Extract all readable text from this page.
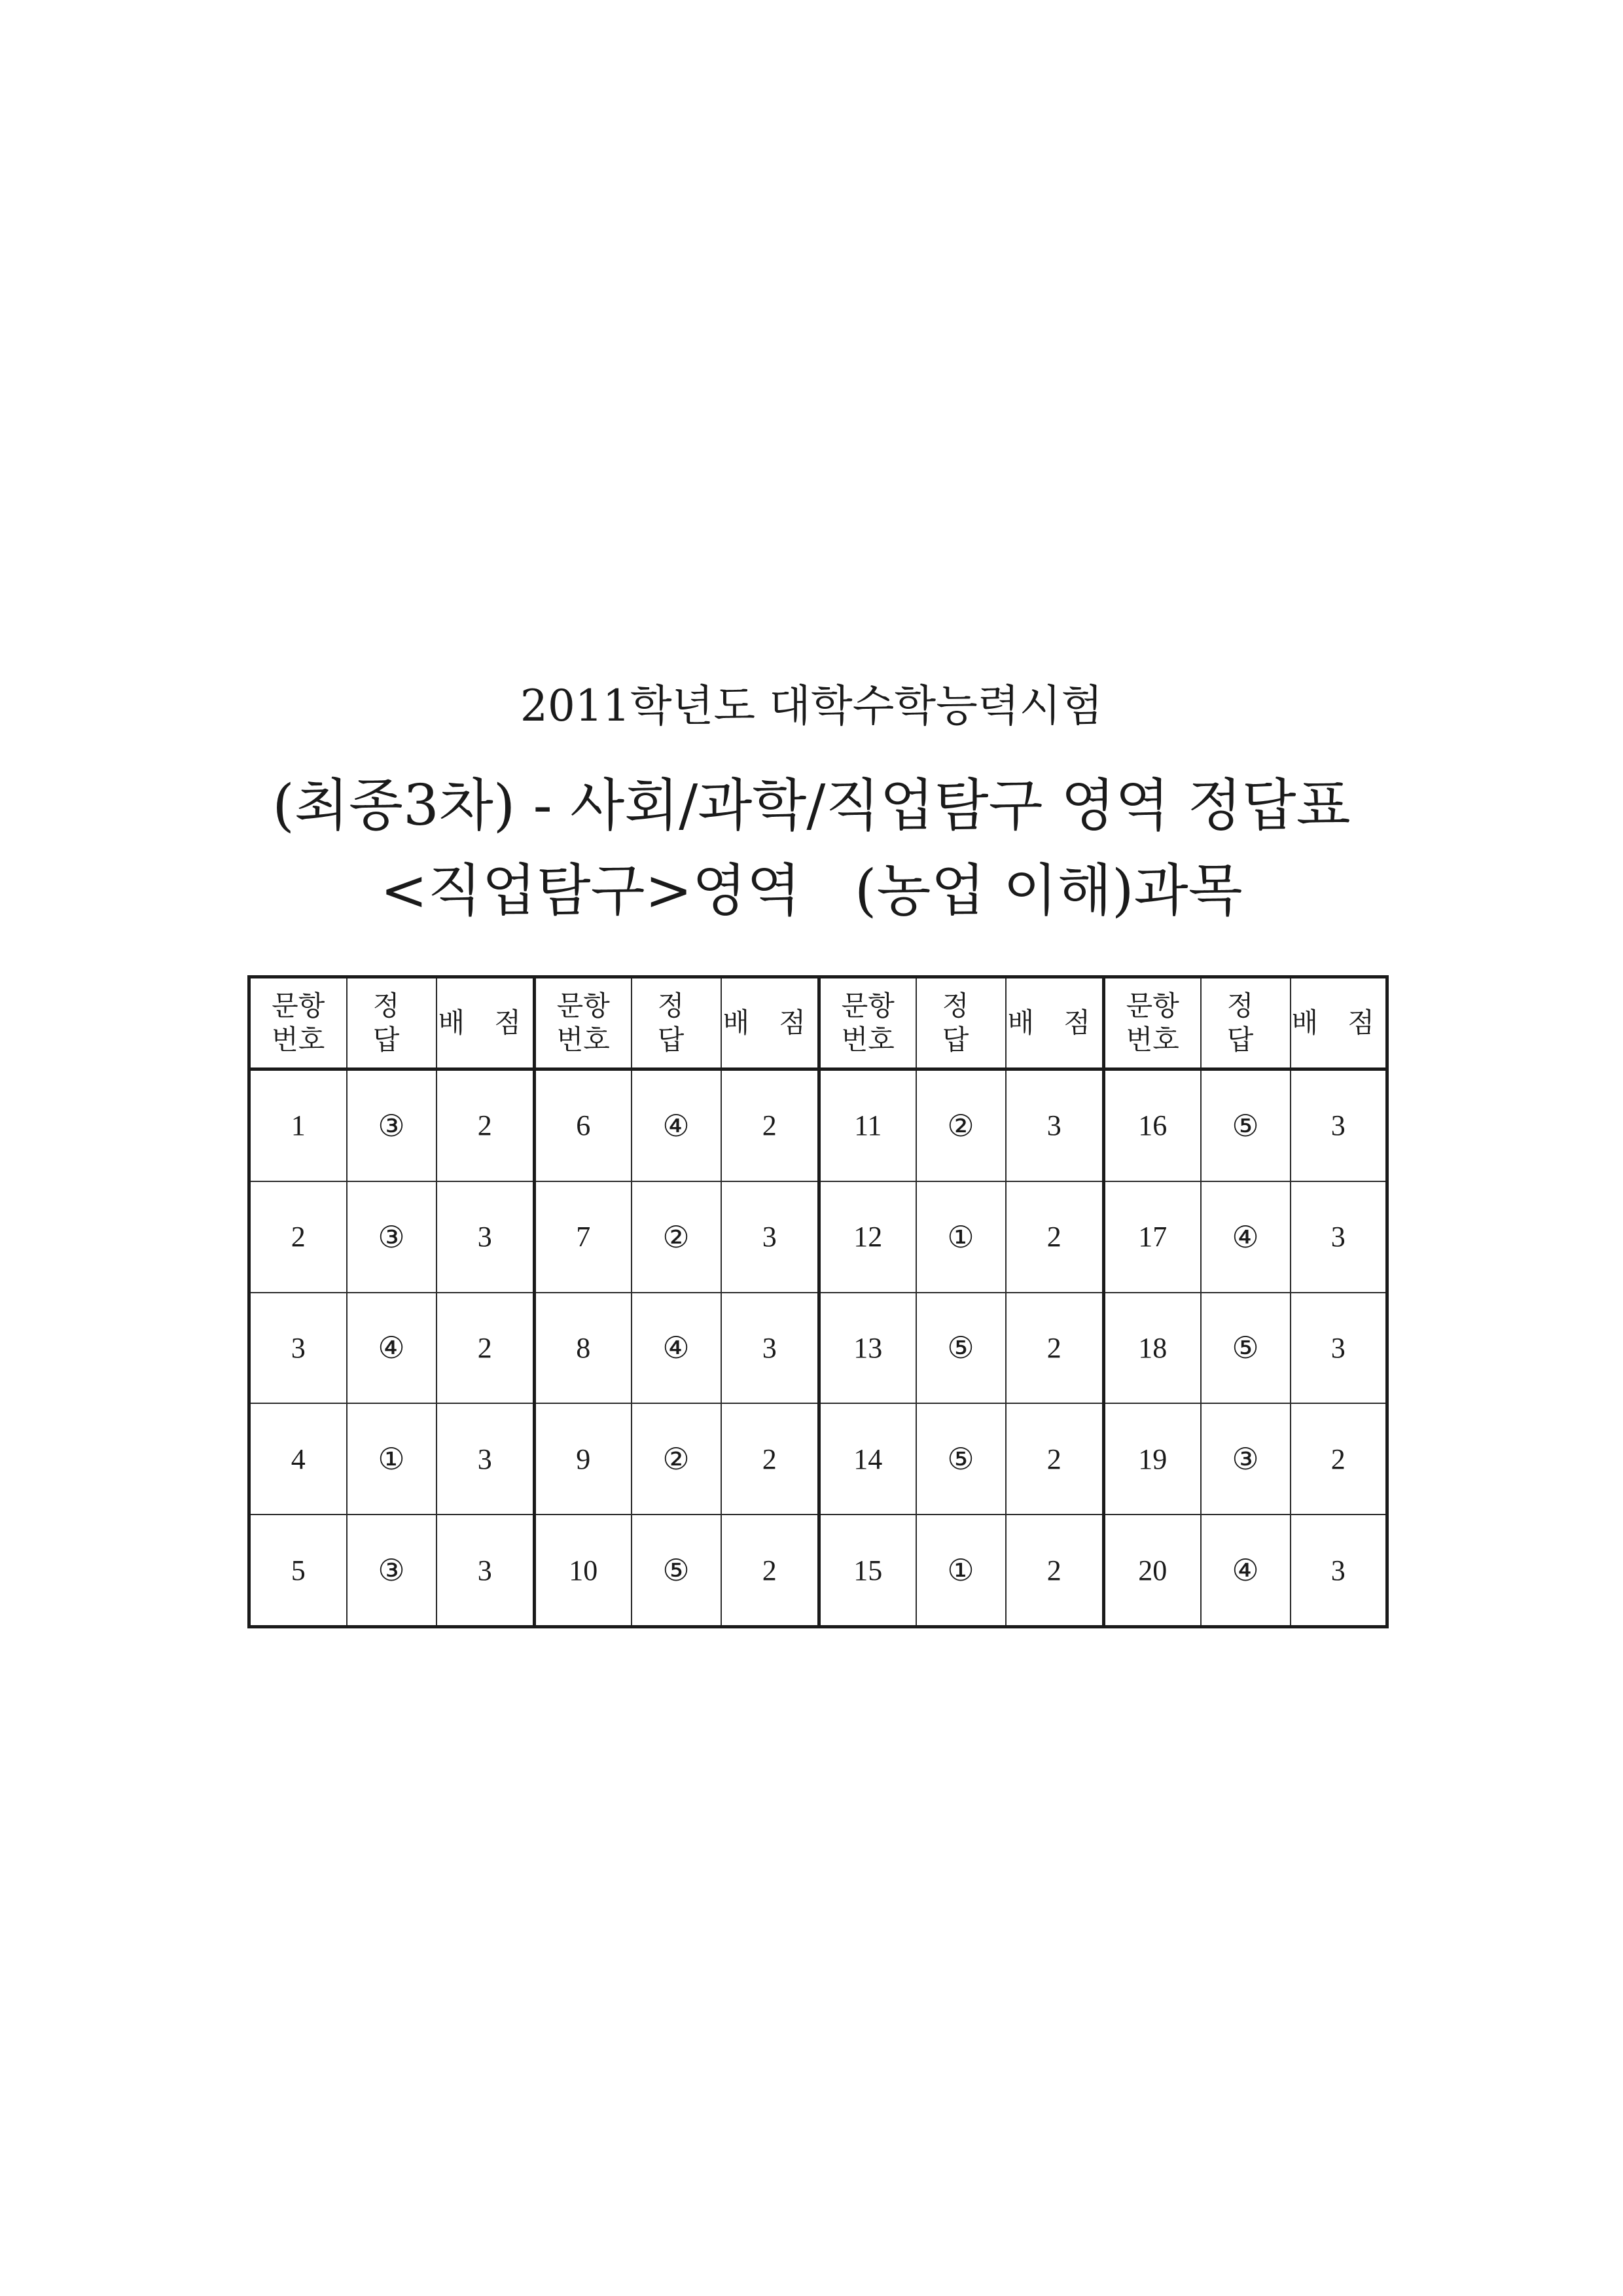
2011학년도 대학수학능력시험
(최종3차) - 사회/과학/직업탐구 영역 정답표
<직업탐구>영역   (농업 이해)과목
문항
번호	정 답	배 점	문항
번호	정 답	배 점	문항
번호	정 답	배 점	문항
번호	정 답	배 점
1	③	2	6	④	2	11	②	3	16	⑤	3
2	③	3	7	②	3	12	①	2	17	④	3
3	④	2	8	④	3	13	⑤	2	18	⑤	3
4	①	3	9	②	2	14	⑤	2	19	③	2
5	③	3	10	⑤	2	15	①	2	20	④	3
